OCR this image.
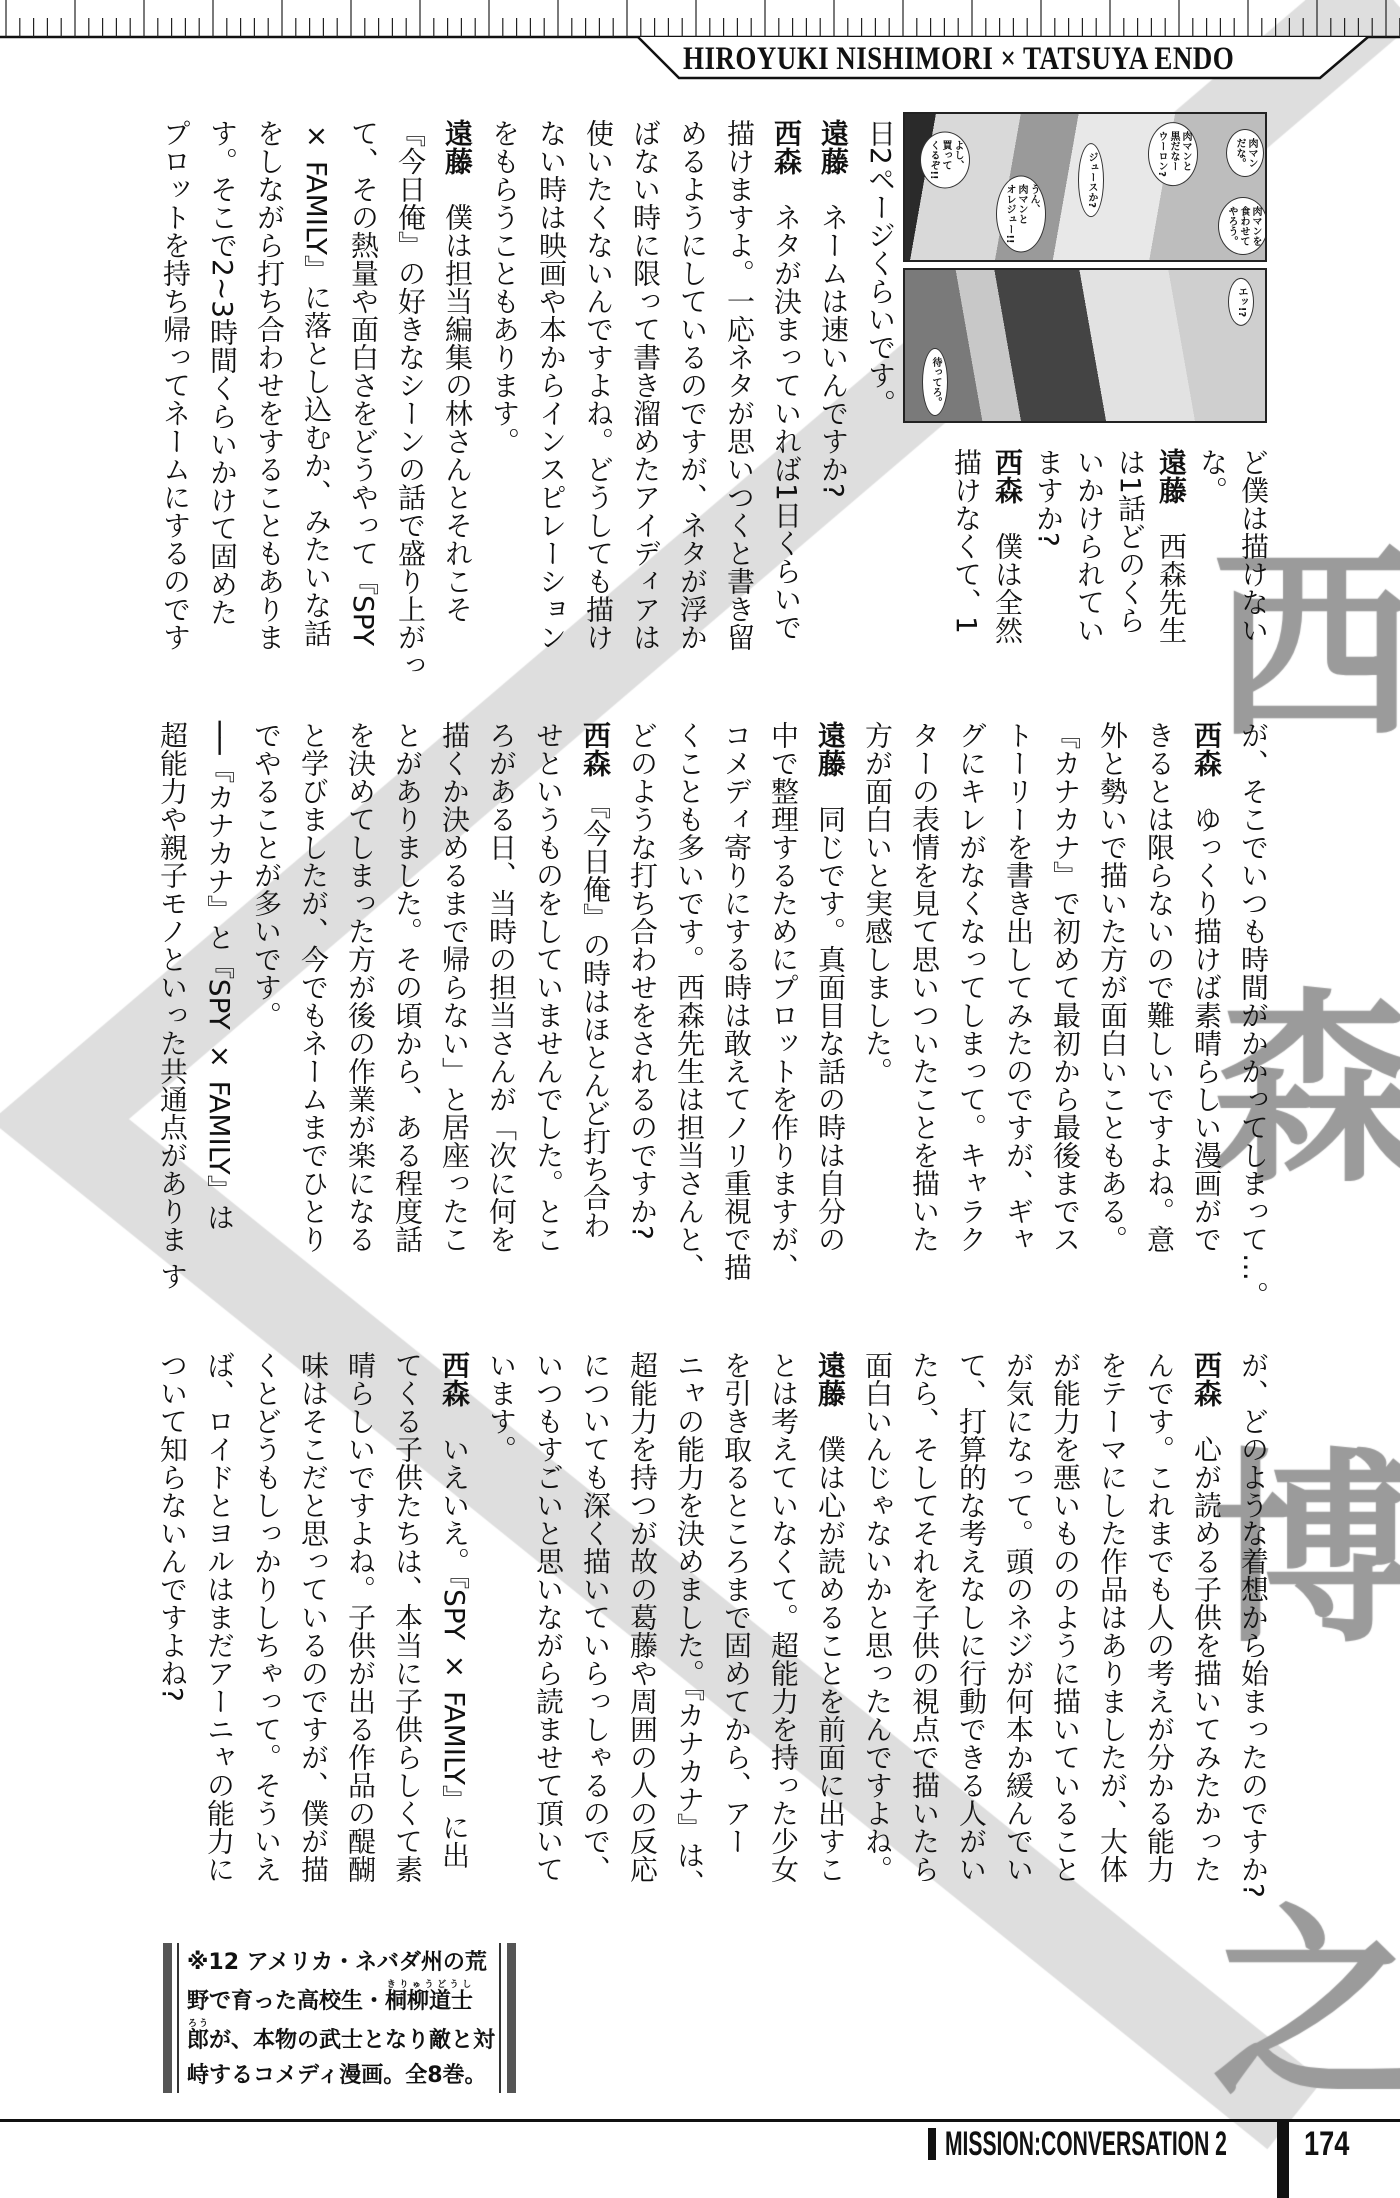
HIROYUKI NISHIMORI × TATSUYA ENDO
肉マン
だな。
肉マンと
黒だなー
ウーロン?
肉マンを
食わせて
やろう。
ジュースか?
うん、
肉マンと
オレジュー!!
よし、
買って
くるぞ!!
エッ!?
待ってろ。
ど僕は描けない
な。
遠藤　西森先生
は1話どのくら
いかけられてい
ますか?
西森　僕は全然
描けなくて、1
日2ページくらいです。
遠藤　ネームは速いんですか?
西森　ネタが決まっていれば1日くらいで
描けますよ。一応ネタが思いつくと書き留
めるようにしているのですが、ネタが浮か
ばない時に限って書き溜めたアイディアは
使いたくないんですよね。どうしても描け
ない時は映画や本からインスピレーション
をもらうこともあります。
遠藤　僕は担当編集の林さんとそれこそ
『今日俺』の好きなシーンの話で盛り上がっ
て、その熱量や面白さをどうやって『SPY
× FAMILY』に落とし込むか、みたいな話
をしながら打ち合わせをすることもありま
す。そこで2~3時間くらいかけて固めた
プロットを持ち帰ってネームにするのです
が、そこでいつも時間がかかってしまって…。
西森　ゆっくり描けば素晴らしい漫画がで
きるとは限らないので難しいですよね。意
外と勢いで描いた方が面白いこともある。
『カナカナ』で初めて最初から最後までス
トーリーを書き出してみたのですが、ギャ
グにキレがなくなってしまって。キャラク
ターの表情を見て思いついたことを描いた
方が面白いと実感しました。
遠藤　同じです。真面目な話の時は自分の
中で整理するためにプロットを作りますが、
コメディ寄りにする時は敢えてノリ重視で描
くことも多いです。西森先生は担当さんと、
どのような打ち合わせをされるのですか?
西森　『今日俺』の時はほとんど打ち合わ
せというものをしていませんでした。とこ
ろがある日、当時の担当さんが「次に何を
描くか決めるまで帰らない」と居座ったこ
とがありました。その頃から、ある程度話
を決めてしまった方が後の作業が楽になる
と学びましたが、今でもネームまでひとり
でやることが多いです。
──『カナカナ』と『SPY × FAMILY』は
超能力や親子モノといった共通点がありま す
が、どのような着想から始まったのですか?
西森　心が読める子供を描いてみたかった
んです。これまでも人の考えが分かる能力
をテーマにした作品はありましたが、大体
が能力を悪いもののように描いていること
が気になって。頭のネジが何本か緩んでい
て、打算的な考えなしに行動できる人がい
たら、そしてそれを子供の視点で描いたら
面白いんじゃないかと思ったんですよね。
遠藤　僕は心が読めることを前面に出すこ
とは考えていなくて。超能力を持った少女
を引き取るところまで固めてから、アー
ニャの能力を決めました。『カナカナ』は、
超能力を持つが故の葛藤や周囲の人の反応
についても深く描いていらっしゃるので、
いつもすごいと思いながら読ませて頂いて
います。
西森　いえいえ。『SPY × FAMILY』に出
てくる子供たちは、本当に子供らしくて素
晴らしいですよね。子供が出る作品の醍醐
味はそこだと思っているのですが、僕が描
くとどうもしっかりしちゃって。そういえ
ば、ロイドとヨルはまだアーニャの能力に
ついて知らないんですよね?
※12 アメリカ・ネバダ州の荒
野で育った高校生・桐柳道士きりゅうどうし
郎ろうが、本物の武士となり敵と対
峙するコメディ漫画。全8巻。
MISSION:CONVERSATION 2 174
